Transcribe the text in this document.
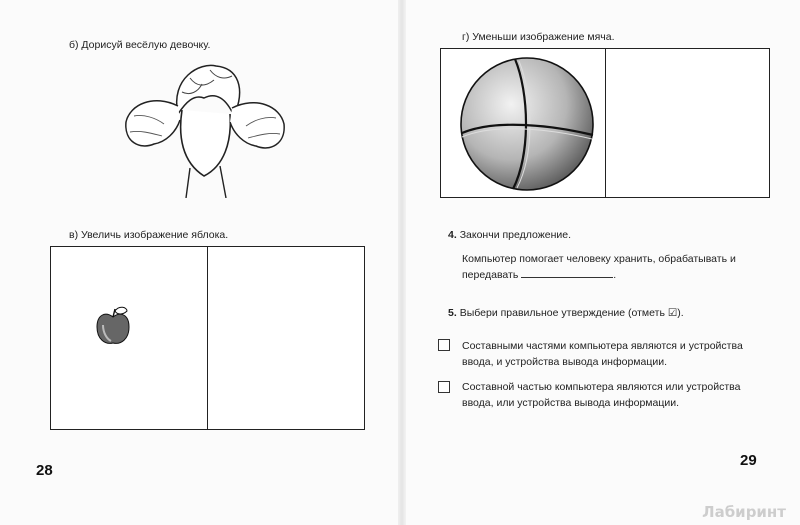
б) Дорисуй весёлую девочку.
в) Увеличь изображение яблока.
28
г) Уменьши изображение мяча.
4. Закончи предложение.
Компьютер помогает человеку хранить, обрабатывать и
передавать	.
5. Выбери правильное утверждение (отметь ☑).
Составными частями компьютера являются и устройства
ввода, и устройства вывода информации.
Составной частью компьютера являются или устройства
ввода, или устройства вывода информации.
29
Лабиринт
